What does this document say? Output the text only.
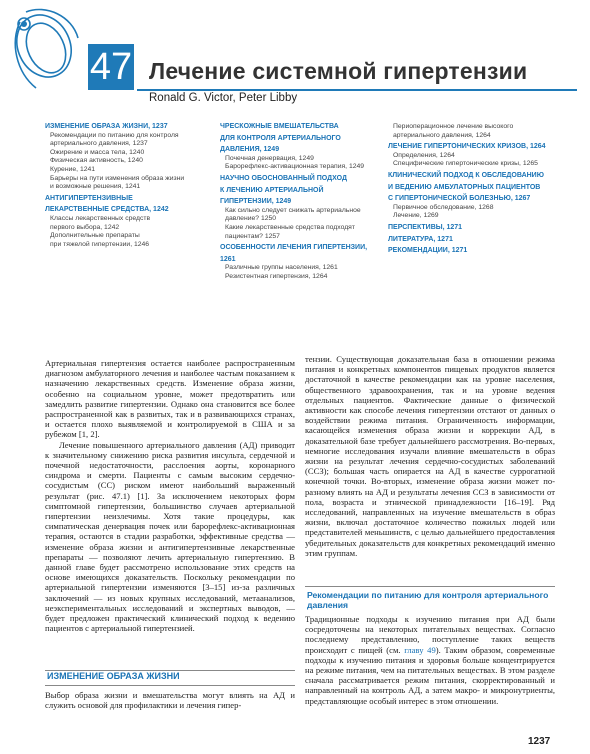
47 Лечение системной гипертензии
Ronald G. Victor, Peter Libby
ИЗМЕНЕНИЕ ОБРАЗА ЖИЗНИ, 1237
Рекомендации по питанию для контроля
артериального давления, 1237
Ожирение и масса тела, 1240
Физическая активность, 1240
Курение, 1241
Барьеры на пути изменения образа жизни
и возможные решения, 1241
АНТИГИПЕРТЕНЗИВНЫЕ
ЛЕКАРСТВЕННЫЕ СРЕДСТВА, 1242
Классы лекарственных средств
первого выбора, 1242
Дополнительные препараты
при тяжелой гипертензии, 1246
ЧРЕСКОЖНЫЕ ВМЕШАТЕЛЬСТВА
ДЛЯ КОНТРОЛЯ АРТЕРИАЛЬНОГО
ДАВЛЕНИЯ, 1249
Почечная денервация, 1249
Барорефлекс-активационная терапия, 1249
НАУЧНО ОБОСНОВАННЫЙ ПОДХОД
К ЛЕЧЕНИЮ АРТЕРИАЛЬНОЙ
ГИПЕРТЕНЗИИ, 1249
Как сильно следует снижать артериальное
давление? 1250
Какие лекарственные средства подходят
пациентам? 1257
ОСОБЕННОСТИ ЛЕЧЕНИЯ ГИПЕРТЕНЗИИ,
1261
Различные группы населения, 1261
Резистентная гипертензия, 1264
Периоперационное лечение высокого
артериального давления, 1264
ЛЕЧЕНИЕ ГИПЕРТОНИЧЕСКИХ КРИЗОВ, 1264
Определения, 1264
Специфические гипертонические кризы, 1265
КЛИНИЧЕСКИЙ ПОДХОД К ОБСЛЕДОВАНИЮ
И ВЕДЕНИЮ АМБУЛАТОРНЫХ ПАЦИЕНТОВ
С ГИПЕРТОНИЧЕСКОЙ БОЛЕЗНЬЮ, 1267
Первичное обследование, 1268
Лечение, 1269
ПЕРСПЕКТИВЫ, 1271
ЛИТЕРАТУРА, 1271
РЕКОМЕНДАЦИИ, 1271

Артериальная гипертензия остается наиболее распространенным диагнозом амбулаторного лечения и наиболее частым показанием к назначению лекарственных средств. Изменение образа жизни, особенно на социальном уровне, может предотвратить или замедлить развитие гипертензии. Однако она становится все более распространенной как в развитых, так и в развивающихся странах, и остается плохо выявляемой и контролируемой в США и за рубежом [1, 2].

Лечение повышенного артериального давления (АД) приводит к значительному снижению риска развития инсульта, сердечной и почечной недостаточности, расслоения аорты, коронарного синдрома и смерти. Пациенты с самым высоким сердечно-сосудистым (СС) риском имеют наибольший выраженный результат (рис. 47.1) [1]. За исключением некоторых форм симптомной гипертензии, большинство случаев артериальной гипертензии неизлечимы. Хотя такие процедуры, как симпатическая денервация почек или барорефлекс-активационная терапия, остаются в стадии разработки, эффективные средства — изменение образа жизни и антигипертензивные лекарственные препараты — позволяют лечить артериальную гипертензию. В данной главе будет рассмотрено использование этих средств на основе имеющихся доказательств. Поскольку рекомендации по артериальной гипертензии изменяются [3–15] из-за различных заключений — из новых крупных исследований, метаанализов, неэкспериментальных исследований и экспертных выводов, — будет предложен практический клинический подход к ведению пациентов с артериальной гипертензией.

ИЗМЕНЕНИЕ ОБРАЗА ЖИЗНИ

Выбор образа жизни и вмешательства могут влиять на АД и служить основой для профилактики и лечения гипер-

тензии. Существующая доказательная база в отношении режима питания и конкретных компонентов пищевых продуктов является достаточной в качестве рекомендации как на уровне населения, общественного здравоохранения, так и на уровне ведения отдельных пациентов. Фактические данные о физической активности как способе лечения гипертензии отстают от данных о воздействии режима питания. Ограниченность информации, касающейся изменения образа жизни и коррекции АД, в доказательной базе требует дальнейшего рассмотрения. Во-первых, немногие исследования изучали влияние вмешательств в образ жизни на результат лечения сердечно-сосудистых заболеваний (ССЗ); большая часть опирается на АД в качестве суррогатной конечной точки. Во-вторых, изменение образа жизни может по-разному влиять на АД и результаты лечения ССЗ в зависимости от пола, возраста и этнической принадлежности [16–19]. Ряд исследований, направленных на изучение вмешательств в образ жизни, включал достаточное количество пожилых людей или представителей меньшинств, с целью дальнейшего предоставления убедительных доказательств для конкретных рекомендаций именно этим группам.

Рекомендации по питанию для контроля артериального давления

Традиционные подходы к изучению питания при АД были сосредоточены на некоторых питательных веществах. Согласно последнему представлению, поступление таких веществ происходит с пищей (см. главу 49). Таким образом, современные подходы к изучению питания и здоровья больше концентрируется на режиме питания, чем на питательных веществах. В этом разделе сначала рассматривается режим питания, скорректированный и направленный на контроль АД, а затем макро- и микронутриенты, представляющие особый интерес в этом отношении.

1237
